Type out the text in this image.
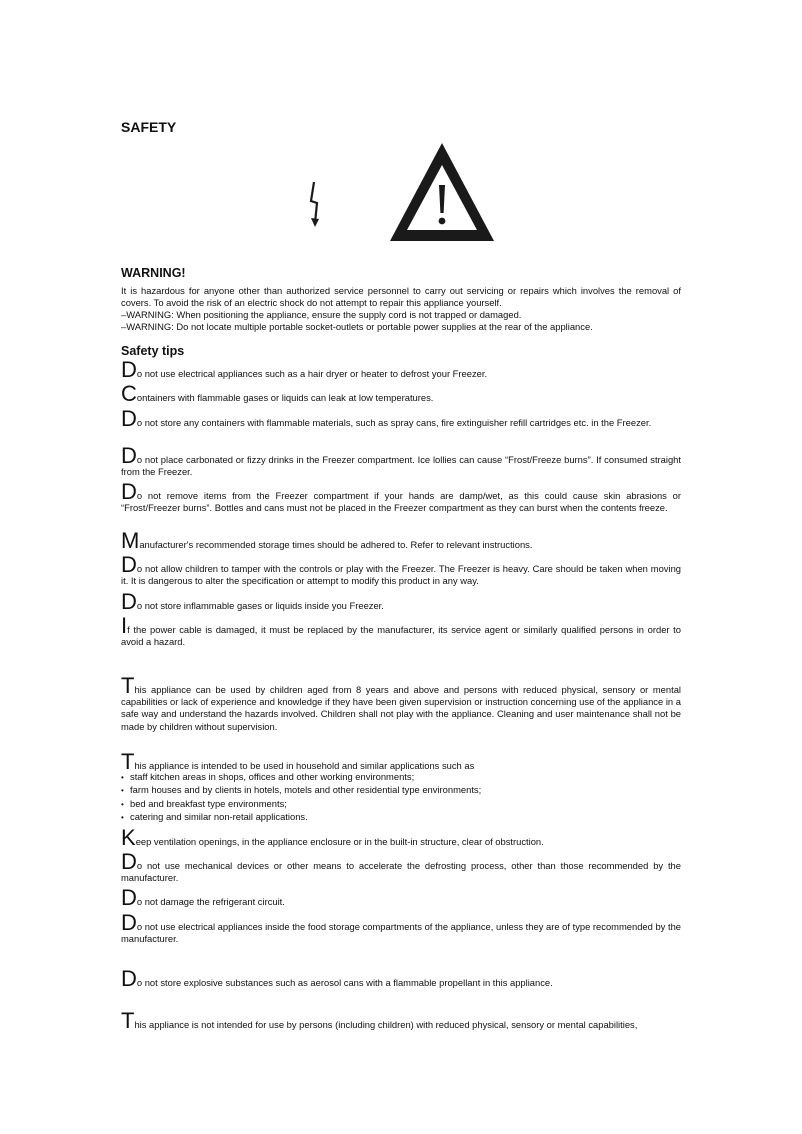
SAFETY
WARNING!

It is hazardous for anyone other than authorized service personnel to carry out servicing or repairs which involves the removal of covers. To avoid the risk of an electric shock do not attempt to repair this appliance yourself.

–WARNING: When positioning the appliance, ensure the supply cord is not trapped or damaged.

–WARNING: Do not locate multiple portable socket-outlets or portable power supplies at the rear of the appliance.

Safety tips

Do not use electrical appliances such as a hair dryer or heater to defrost your Freezer.

Containers with flammable gases or liquids can leak at low temperatures.

Do not store any containers with flammable materials, such as spray cans, fire extinguisher refill cartridges etc. in the Freezer.

Do not place carbonated or fizzy drinks in the Freezer compartment. Ice lollies can cause “Frost/Freeze burns”. If consumed straight from the Freezer.

Do not remove items from the Freezer compartment if your hands are damp/wet, as this could cause skin abrasions or “Frost/Freezer burns”. Bottles and cans must not be placed in the Freezer compartment as they can burst when the contents freeze.

Manufacturer's recommended storage times should be adhered to. Refer to relevant instructions.

Do not allow children to tamper with the controls or play with the Freezer. The Freezer is heavy. Care should be taken when moving it. It is dangerous to alter the specification or attempt to modify this product in any way.

Do not store inflammable gases or liquids inside you Freezer.

If the power cable is damaged, it must be replaced by the manufacturer, its service agent or similarly qualified persons in order to avoid a hazard.

This appliance can be used by children aged from 8 years and above and persons with reduced physical, sensory or mental capabilities or lack of experience and knowledge if they have been given supervision or instruction concerning use of the appliance in a safe way and understand the hazards involved. Children shall not play with the appliance. Cleaning and user maintenance shall not be made by children without supervision.

This appliance is intended to be used in household and similar applications such as

• staff kitchen areas in shops, offices and other working environments;
• farm houses and by clients in hotels, motels and other residential type environments;
• bed and breakfast type environments;
• catering and similar non-retail applications.

Keep ventilation openings, in the appliance enclosure or in the built-in structure, clear of obstruction.

Do not use mechanical devices or other means to accelerate the defrosting process, other than those recommended by the manufacturer.

Do not damage the refrigerant circuit.

Do not use electrical appliances inside the food storage compartments of the appliance, unless they are of type recommended by the manufacturer.

Do not store explosive substances such as aerosol cans with a flammable propellant in this appliance.

This appliance is not intended for use by persons (including children) with reduced physical, sensory or mental capabilities,
